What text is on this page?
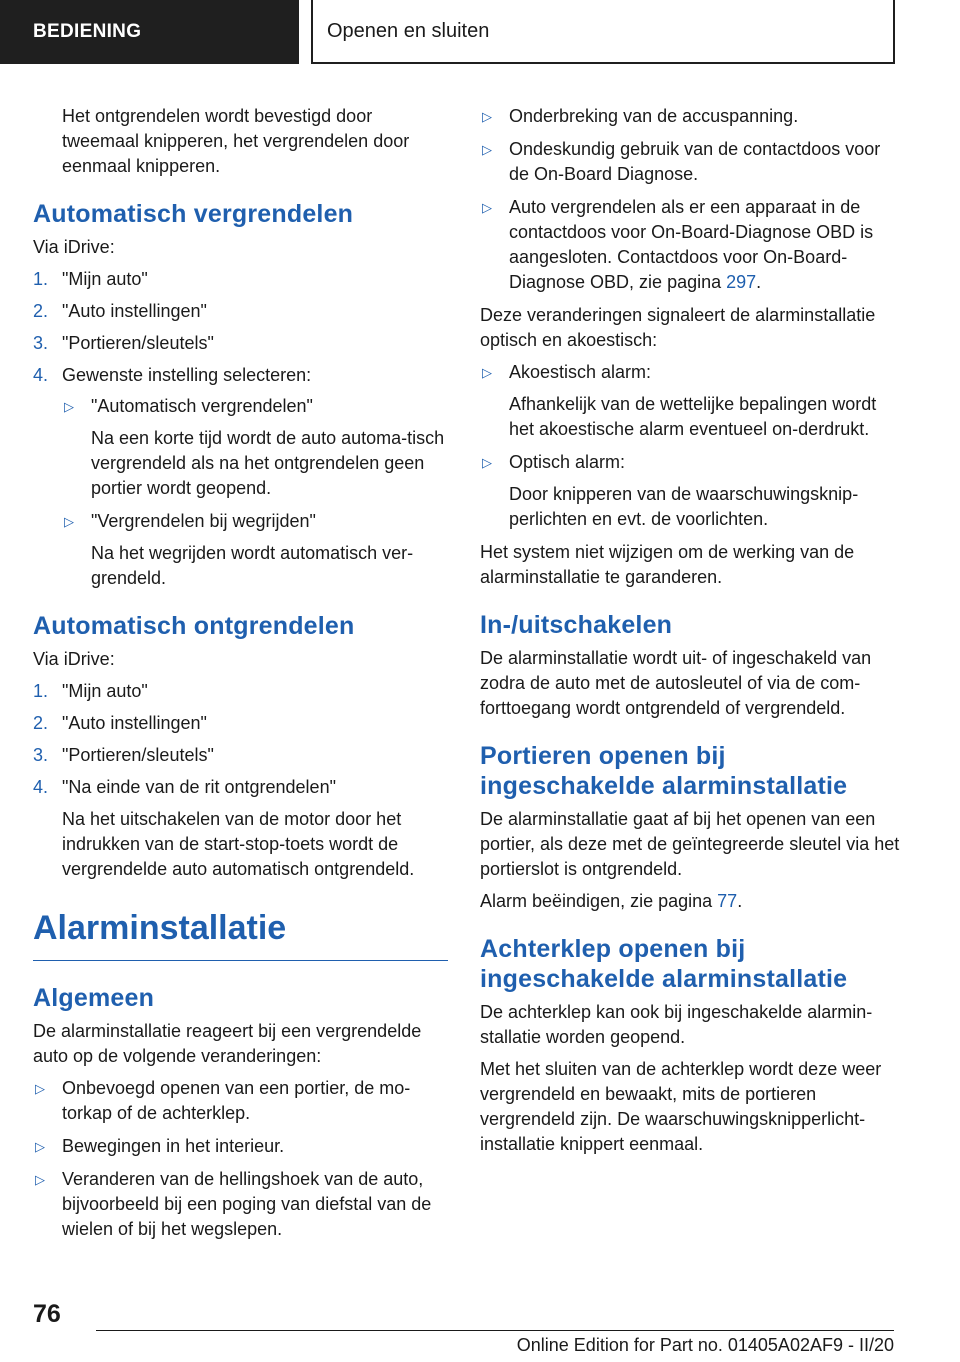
BEDIENING	Openen en sluiten

Het ontgrendelen wordt bevestigd door tweemaal knipperen, het vergrendelen door eenmaal knipperen.

Automatisch vergrendelen

Via iDrive:

1. "Mijn auto"
2. "Auto instellingen"
3. "Portieren/sleutels"
4. Gewenste instelling selecteren:
▷ "Automatisch vergrendelen"
Na een korte tijd wordt de auto automa-tisch vergrendeld als na het ontgrendelen geen portier wordt geopend.
▷ "Vergrendelen bij wegrijden"
Na het wegrijden wordt automatisch ver-grendeld.
Automatisch ontgrendelen

Via iDrive:

1. "Mijn auto"
2. "Auto instellingen"
3. "Portieren/sleutels"
4. "Na einde van de rit ontgrendelen"
Na het uitschakelen van de motor door het indrukken van de start-stop-toets wordt de vergrendelde auto automatisch ontgrendeld.
Alarminstallatie
Algemeen

De alarminstallatie reageert bij een vergrendelde auto op de volgende veranderingen:

▷ Onbevoegd openen van een portier, de mo-torkap of de achterklep.
▷ Bewegingen in het interieur.
▷ Veranderen van de hellingshoek van de auto, bijvoorbeeld bij een poging van diefstal van de wielen of bij het wegslepen.
▷ Onderbreking van de accuspanning.
▷ Ondeskundig gebruik van de contactdoos voor de On-Board Diagnose.
▷ Auto vergrendelen als er een apparaat in de contactdoos voor On-Board-Diagnose OBD is aangesloten. Contactdoos voor On-Board-Diagnose OBD, zie pagina 297.

Deze veranderingen signaleert de alarminstallatie optisch en akoestisch:

▷ Akoestisch alarm:
Afhankelijk van de wettelijke bepalingen wordt het akoestische alarm eventueel on-derdrukt.
▷ Optisch alarm:
Door knipperen van de waarschuwingsknip-perlichten en evt. de voorlichten.

Het system niet wijzigen om de werking van de alarminstallatie te garanderen.

In-/uitschakelen

De alarminstallatie wordt uit- of ingeschakeld van zodra de auto met de autosleutel of via de com-forttoegang wordt ontgrendeld of vergrendeld.

Portieren openen bij ingeschakelde alarminstallatie

De alarminstallatie gaat af bij het openen van een portier, als deze met de geïntegreerde sleutel via het portierslot is ontgrendeld.

Alarm beëindigen, zie pagina 77.

Achterklep openen bij ingeschakelde alarminstallatie

De achterklep kan ook bij ingeschakelde alarmin-stallatie worden geopend.

Met het sluiten van de achterklep wordt deze weer vergrendeld en bewaakt, mits de portieren vergrendeld zijn. De waarschuwingsknipperlicht-installatie knippert eenmaal.

76
Online Edition for Part no. 01405A02AF9 - II/20
